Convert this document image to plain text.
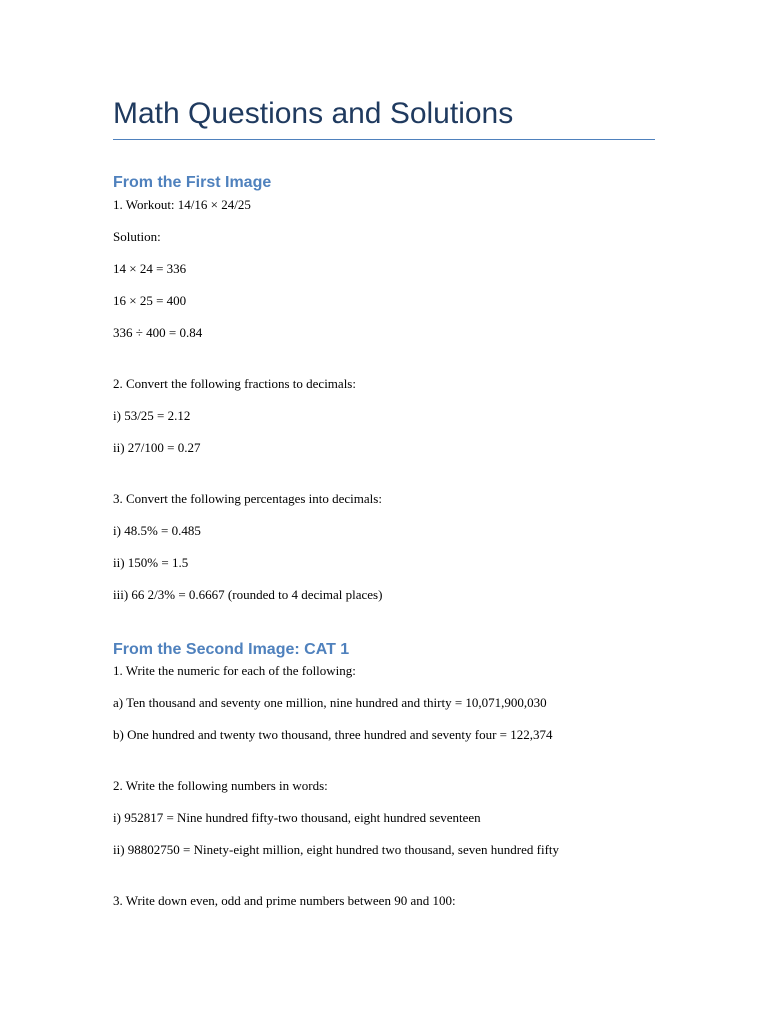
Math Questions and Solutions
From the First Image

1. Workout: 14/16 × 24/25

Solution:

14 × 24 = 336

16 × 25 = 400

336 ÷ 400 = 0.84

2. Convert the following fractions to decimals:

i) 53/25 = 2.12

ii) 27/100 = 0.27

3. Convert the following percentages into decimals:

i) 48.5% = 0.485

ii) 150% = 1.5

iii) 66 2/3% = 0.6667 (rounded to 4 decimal places)

From the Second Image: CAT 1

1. Write the numeric for each of the following:

a) Ten thousand and seventy one million, nine hundred and thirty = 10,071,900,030

b) One hundred and twenty two thousand, three hundred and seventy four = 122,374

2. Write the following numbers in words:

i) 952817 = Nine hundred fifty-two thousand, eight hundred seventeen

ii) 98802750 = Ninety-eight million, eight hundred two thousand, seven hundred fifty

3. Write down even, odd and prime numbers between 90 and 100:
